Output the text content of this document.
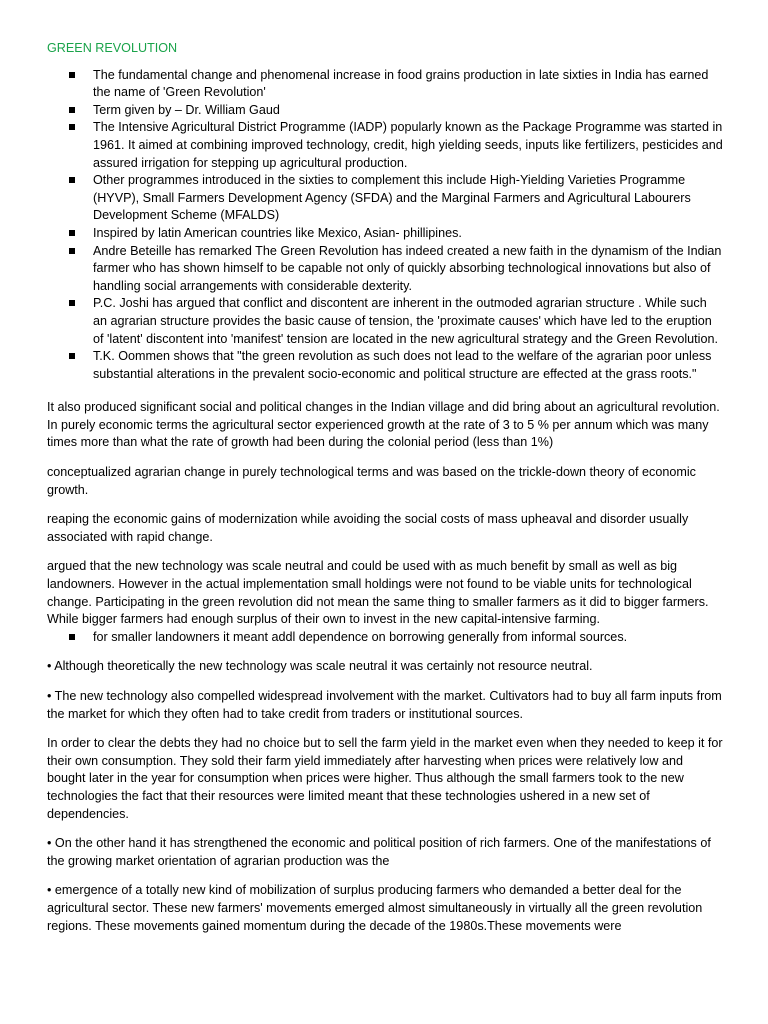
GREEN REVOLUTION
The fundamental change and phenomenal increase in food grains production in late sixties in India has earned the name of 'Green Revolution'
Term given by – Dr. William Gaud
The Intensive Agricultural District Programme (IADP) popularly known as the Package Programme was started in 1961. It aimed at combining improved technology, credit, high yielding seeds, inputs like fertilizers, pesticides and assured irrigation for stepping up agricultural production.
Other programmes introduced in the sixties to complement this include High-Yielding Varieties Programme (HYVP), Small Farmers Development Agency (SFDA) and the Marginal Farmers and Agricultural Labourers Development Scheme (MFALDS)
Inspired by latin American countries like Mexico, Asian- phillipines.
Andre Beteille has remarked The Green Revolution has indeed created a new faith in the dynamism of the Indian farmer who has shown himself to be capable not only of quickly absorbing technological innovations but also of handling social arrangements with considerable dexterity.
P.C. Joshi has argued that conflict and discontent are inherent in the outmoded agrarian structure . While such an agrarian structure provides the basic cause of tension, the 'proximate causes' which have led to the eruption of 'latent' discontent into 'manifest' tension are located in the new agricultural strategy and the Green Revolution.
T.K. Oommen shows that "the green revolution as such does not lead to the welfare of the agrarian poor unless substantial alterations in the prevalent socio-economic and political structure are effected at the grass roots."

It also produced significant social and political changes in the Indian village and did bring about an agricultural revolution. In purely economic terms the agricultural sector experienced growth at the rate of 3 to 5 % per annum which was many times more than what the rate of growth had been during the colonial period (less than 1%)

conceptualized agrarian change in purely technological terms and was based on the trickle-down theory of economic growth.

reaping the economic gains of modernization while avoiding the social costs of mass upheaval and disorder usually associated with rapid change.

argued that the new technology was scale neutral and could be used with as much benefit by small as well as big landowners. However in the actual implementation small holdings were not found to be viable units for technological change. Participating in the green revolution did not mean the same thing to smaller farmers as it did to bigger farmers. While bigger farmers had enough surplus of their own to invest in the new capital-intensive farming.

for smaller landowners it meant addl dependence on borrowing generally from informal sources.

• Although theoretically the new technology was scale neutral it was certainly not resource neutral.

• The new technology also compelled widespread involvement with the market. Cultivators had to buy all farm inputs from the market for which they often had to take credit from traders or institutional sources.

In order to clear the debts they had no choice but to sell the farm yield in the market even when they needed to keep it for their own consumption. They sold their farm yield immediately after harvesting when prices were relatively low and bought later in the year for consumption when prices were higher. Thus although the small farmers took to the new technologies the fact that their resources were limited meant that these technologies ushered in a new set of dependencies.

• On the other hand it has strengthened the economic and political position of rich farmers. One of the manifestations of the growing market orientation of agrarian production was the

• emergence of a totally new kind of mobilization of surplus producing farmers who demanded a better deal for the agricultural sector. These new farmers' movements emerged almost simultaneously in virtually all the green revolution regions. These movements gained momentum during the decade of the 1980s.These movements were
